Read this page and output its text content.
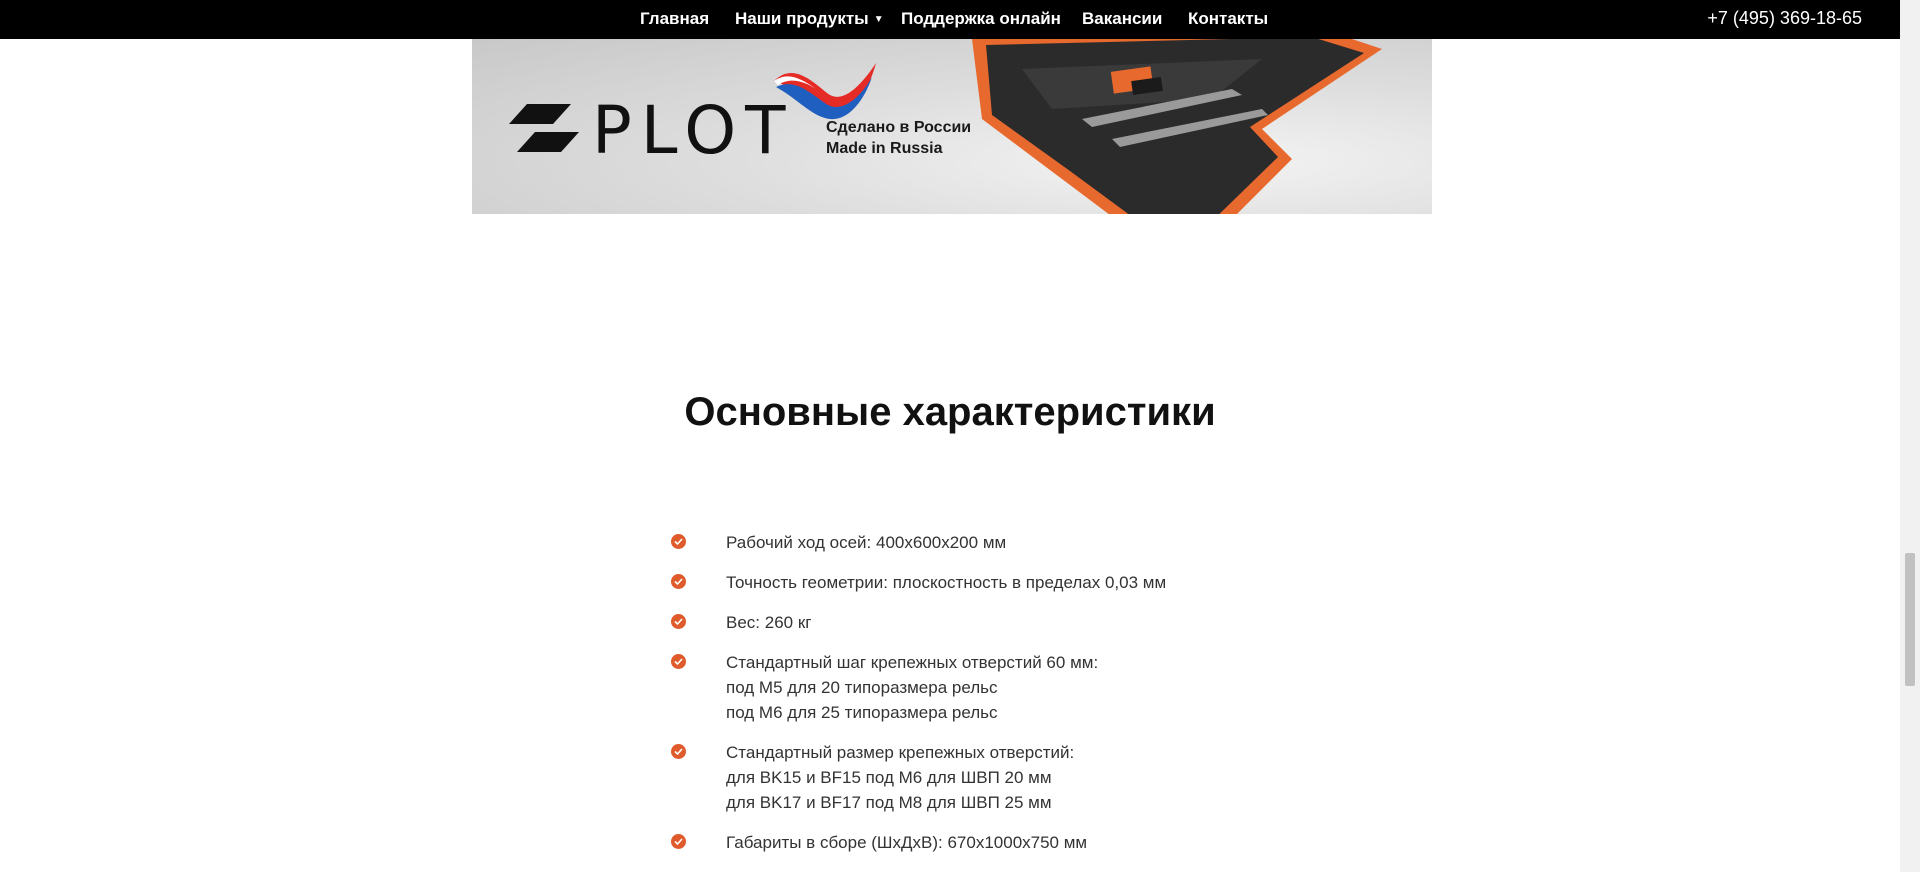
Главная Наши продукты ▼ Поддержка онлайн Вакансии Контакты	+7 (495) 369-18-65
PLOT Сделано в России
Made in Russia
Основные характеристики
Рабочий ход осей: 400x600x200 мм
Точность геометрии: плоскостность в пределах 0,03 мм
Вес: 260 кг
Стандартный шаг крепежных отверстий 60 мм:
под М5 для 20 типоразмера рельс
под М6 для 25 типоразмера рельс
Стандартный размер крепежных отверстий:
для BK15 и BF15 под М6 для ШВП 20 мм
для BK17 и BF17 под М8 для ШВП 25 мм
Габариты в сборе (ШхДхВ): 670x1000x750 мм
